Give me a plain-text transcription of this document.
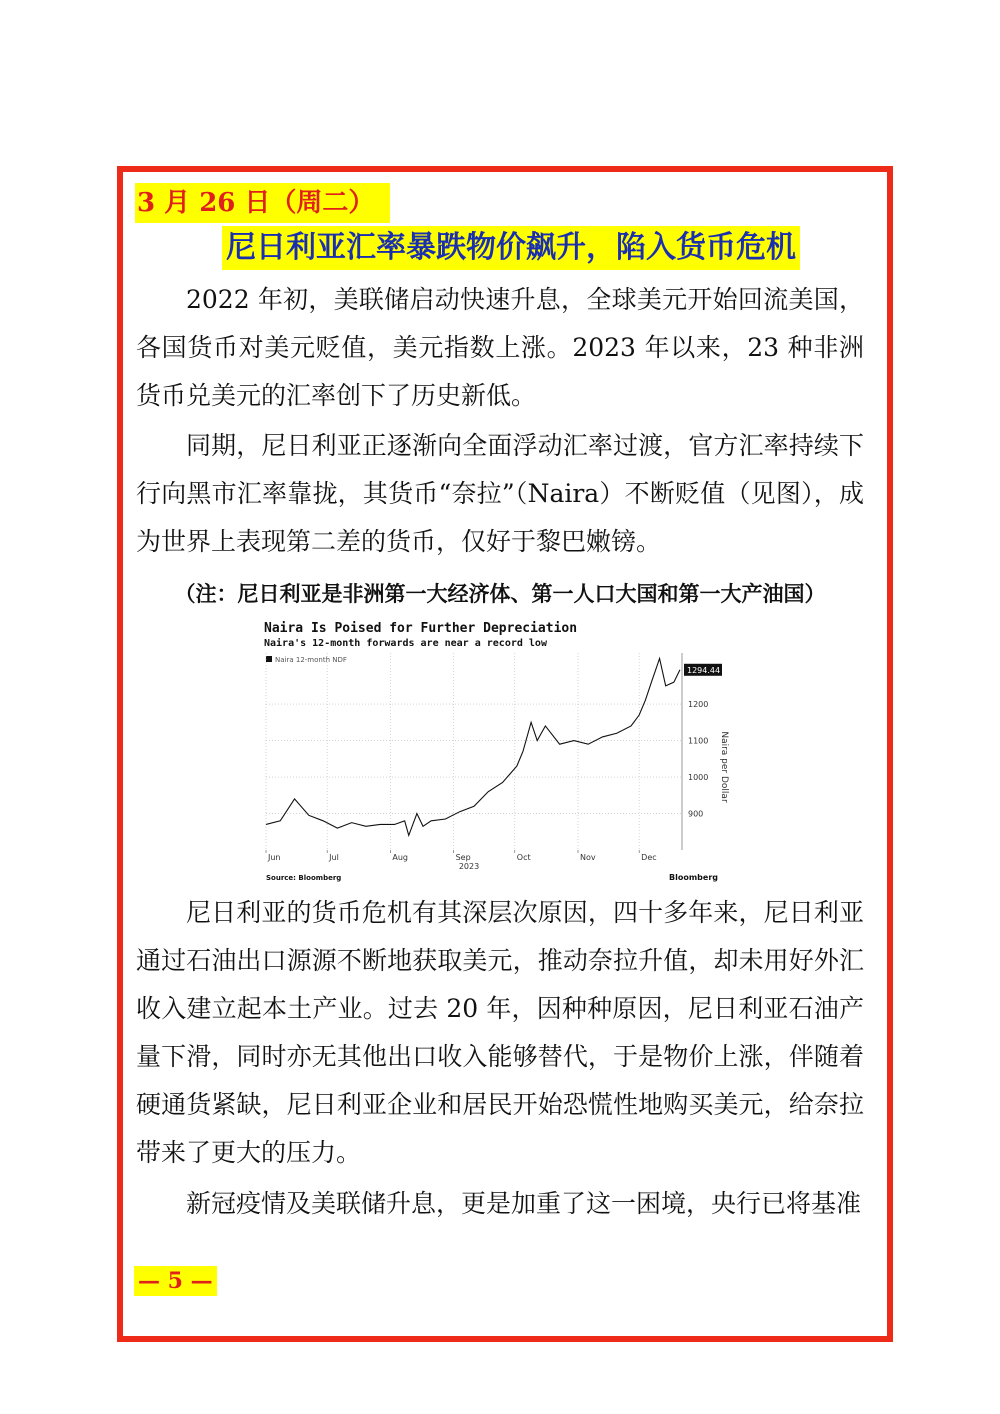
3 月 26 日（周二）
尼日利亚汇率暴跌物价飙升，陷入货币危机

2022 年初，美联储启动快速升息，全球美元开始回流美国，各国货币对美元贬值，美元指数上涨。2023 年以来，23 种非洲货币兑美元的汇率创下了历史新低。

同期，尼日利亚正逐渐向全面浮动汇率过渡，官方汇率持续下行向黑市汇率靠拢，其货币“奈拉”（Naira）不断贬值（见图），成为世界上表现第二差的货币，仅好于黎巴嫩镑。

（注：尼日利亚是非洲第一大经济体、第一人口大国和第一大产油国）
Naira Is Poised for Further Depreciation
Naira's 12-month forwards are near a record low
Naira 12-month NDF
900
1000
1100
1200
Jun	Jul	Aug	Sep	Oct	Nov	Dec
1294.44
Naira per Dollar
2023
Source: Bloomberg	Bloomberg

尼日利亚的货币危机有其深层次原因，四十多年来，尼日利亚通过石油出口源源不断地获取美元，推动奈拉升值，却未用好外汇收入建立起本土产业。过去 20 年，因种种原因，尼日利亚石油产量下滑，同时亦无其他出口收入能够替代，于是物价上涨，伴随着硬通货紧缺，尼日利亚企业和居民开始恐慌性地购买美元，给奈拉带来了更大的压力。

新冠疫情及美联储升息，更是加重了这一困境，央行已将基准

— 5 —
